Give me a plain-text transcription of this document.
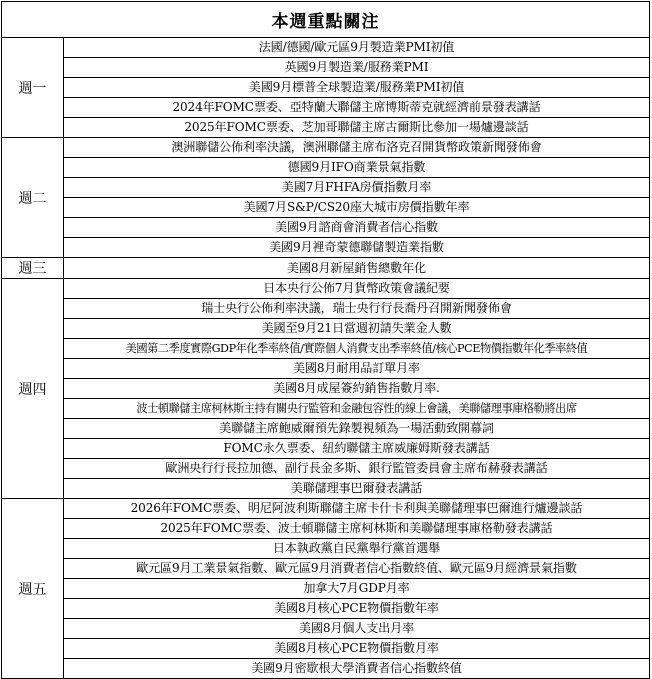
本週重點關注	
週一	法國/德國/歐元區9月製造業PMI初值
	英國9月製造業/服務業PMI
	美國9月標普全球製造業/服務業PMI初值
	2024年FOMC票委、亞特蘭大聯儲主席博斯蒂克就經濟前景發表講話
	2025年FOMC票委、芝加哥聯儲主席古爾斯比參加一場爐邊談話
週二	澳洲聯儲公佈利率決議，澳洲聯儲主席布洛克召開貨幣政策新聞發佈會
	德國9月IFO商業景氣指數
	美國7月FHFA房價指數月率
	美國7月S&P/CS20座大城市房價指數年率
	美國9月諮商會消費者信心指數
	美國9月裡奇蒙德聯儲製造業指數
週三	美國8月新屋銷售總數年化
週四	日本央行公佈7月貨幣政策會議紀要
	瑞士央行公佈利率決議，瑞士央行行長喬丹召開新聞發佈會
	美國至9月21日當週初請失業金人數
	美國第二季度實際GDP年化季率終值/實際個人消費支出季率終值/核心PCE物價指數年化季率終值
	美國8月耐用品訂單月率
	美國8月成屋簽約銷售指數月率.
	波士頓聯儲主席柯林斯主持有關央行監管和金融包容性的線上會議，美聯儲理事庫格勒將出席
	美聯儲主席鮑威爾預先錄製視頻為一場活動致開幕詞
	FOMC永久票委、紐約聯儲主席威廉姆斯發表講話
	歐洲央行行長拉加德、副行長金多斯、銀行監管委員會主席布赫發表講話
	美聯儲理事巴爾發表講話
週五	2026年FOMC票委、明尼阿波利斯聯儲主席卡什卡利與美聯儲理事巴爾進行爐邊談話
	2025年FOMC票委、波士頓聯儲主席柯林斯和美聯儲理事庫格勒發表講話
	日本執政黨自民黨舉行黨首選舉
	歐元區9月工業景氣指數、歐元區9月消費者信心指數終值、歐元區9月經濟景氣指數
	加拿大7月GDP月率
	美國8月核心PCE物價指數年率
	美國8月個人支出月率
	美國8月核心PCE物價指數月率
	美國9月密歇根大學消費者信心指數終值
